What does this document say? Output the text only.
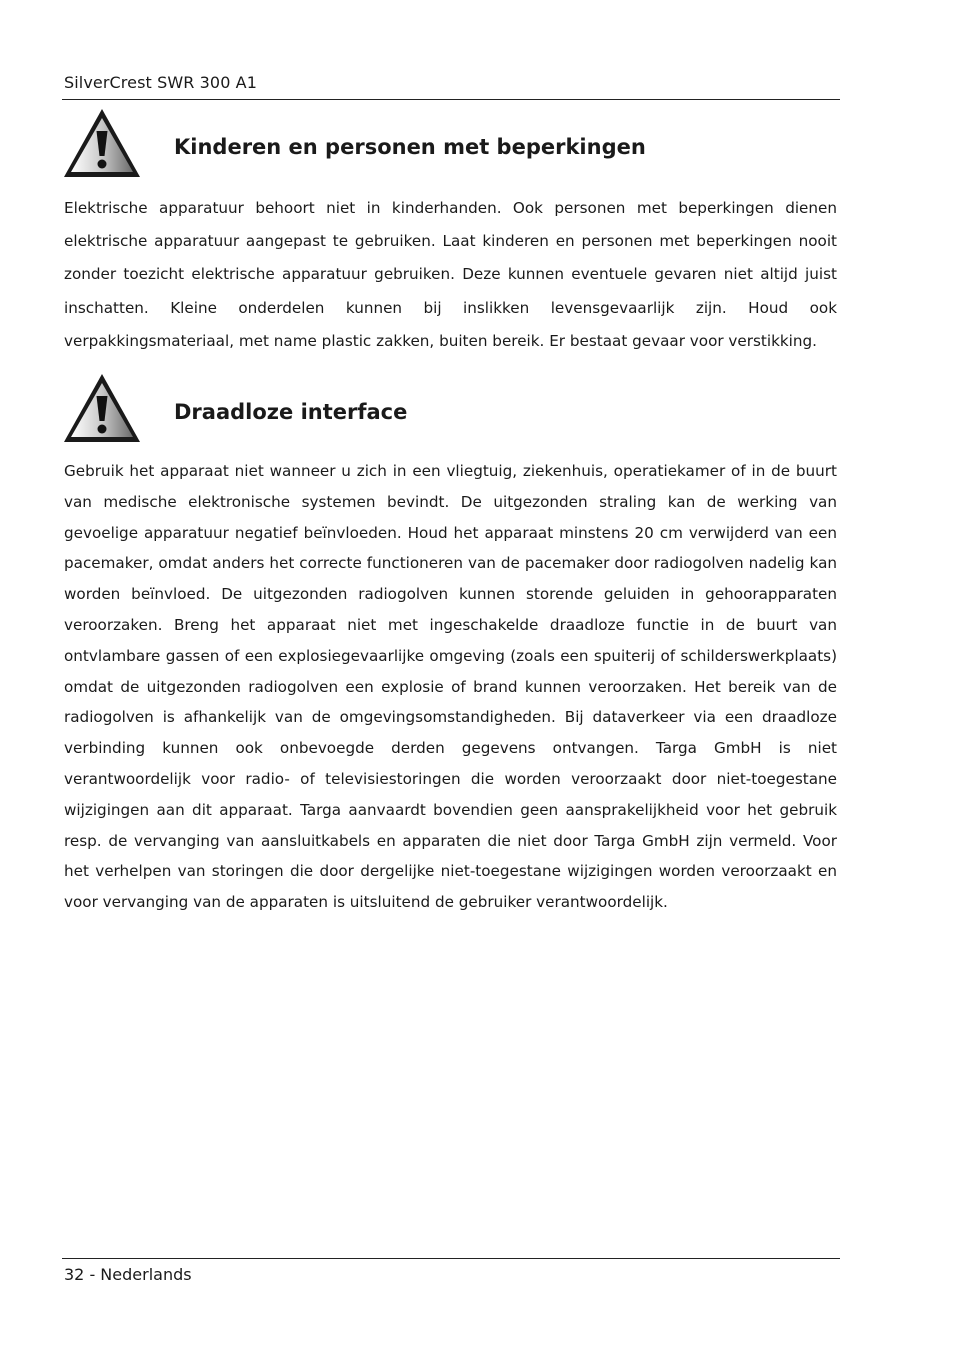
SilverCrest SWR 300 A1
Kinderen en personen met beperkingen

Elektrische apparatuur behoort niet in kinderhanden. Ook personen met beperkingen dienen elektrische apparatuur aangepast te gebruiken. Laat kinderen en personen met beperkingen nooit zonder toezicht elektrische apparatuur gebruiken. Deze kunnen eventuele gevaren niet altijd juist inschatten. Kleine onderdelen kunnen bij inslikken levensgevaarlijk zijn. Houd ook verpakkingsmateriaal, met name plastic zakken, buiten bereik. Er bestaat gevaar voor verstikking.

Draadloze interface

Gebruik het apparaat niet wanneer u zich in een vliegtuig, ziekenhuis, operatiekamer of in de buurt van medische elektronische systemen bevindt. De uitgezonden straling kan de werking van gevoelige apparatuur negatief beïnvloeden. Houd het apparaat minstens 20 cm verwijderd van een pacemaker, omdat anders het correcte functioneren van de pacemaker door radiogolven nadelig kan worden beïnvloed. De uitgezonden radiogolven kunnen storende geluiden in gehoorapparaten veroorzaken. Breng het apparaat niet met ingeschakelde draadloze functie in de buurt van ontvlambare gassen of een explosiegevaarlijke omgeving (zoals een spuiterij of schilderswerkplaats) omdat de uitgezonden radiogolven een explosie of brand kunnen veroorzaken. Het bereik van de radiogolven is afhankelijk van de omgevingsomstandigheden. Bij dataverkeer via een draadloze verbinding kunnen ook onbevoegde derden gegevens ontvangen. Targa GmbH is niet verantwoordelijk voor radio- of televisiestoringen die worden veroorzaakt door niet-toegestane wijzigingen aan dit apparaat. Targa aanvaardt bovendien geen aansprakelijkheid voor het gebruik resp. de vervanging van aansluitkabels en apparaten die niet door Targa GmbH zijn vermeld. Voor het verhelpen van storingen die door dergelijke niet-toegestane wijzigingen worden veroorzaakt en voor vervanging van de apparaten is uitsluitend de gebruiker verantwoordelijk.

32 - Nederlands
